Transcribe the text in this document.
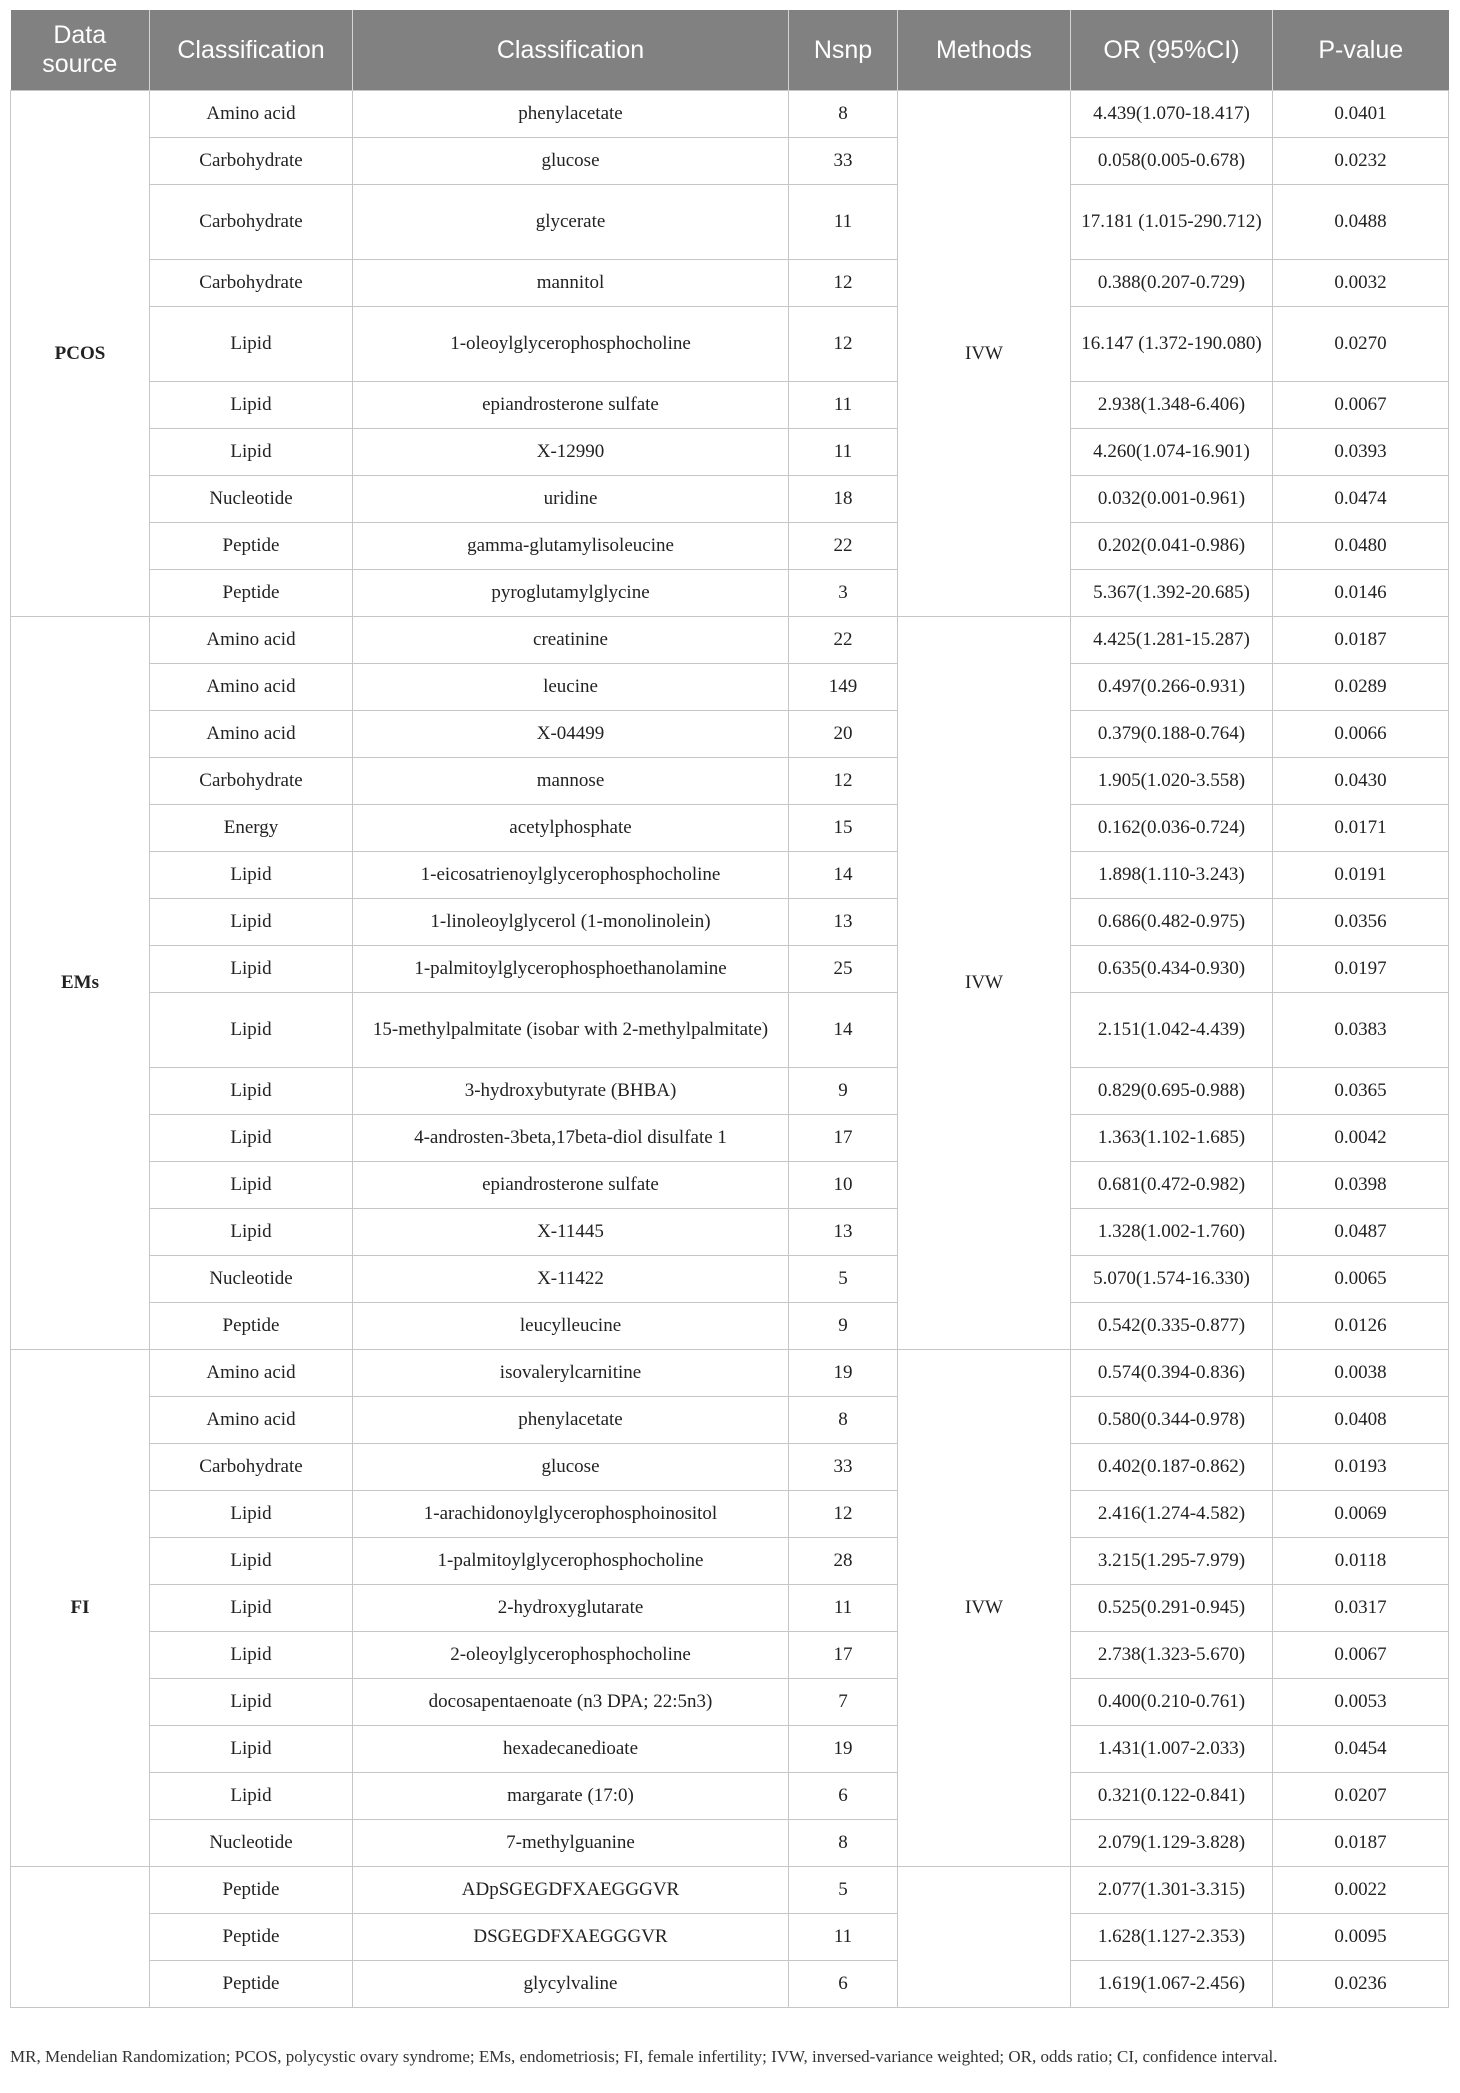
Data source	Classification	Classification	Nsnp	Methods	OR (95%CI)	P-value
PCOS	Amino acid	phenylacetate	8	IVW	4.439(1.070-18.417)	0.0401
	Carbohydrate	glucose	33		0.058(0.005-0.678)	0.0232
	Carbohydrate	glycerate	11		17.181 (1.015-290.712)	0.0488
	Carbohydrate	mannitol	12		0.388(0.207-0.729)	0.0032
	Lipid	1-oleoylglycerophosphocholine	12		16.147 (1.372-190.080)	0.0270
	Lipid	epiandrosterone sulfate	11		2.938(1.348-6.406)	0.0067
	Lipid	X-12990	11		4.260(1.074-16.901)	0.0393
	Nucleotide	uridine	18		0.032(0.001-0.961)	0.0474
	Peptide	gamma-glutamylisoleucine	22		0.202(0.041-0.986)	0.0480
	Peptide	pyroglutamylglycine	3		5.367(1.392-20.685)	0.0146
EMs	Amino acid	creatinine	22	IVW	4.425(1.281-15.287)	0.0187
	Amino acid	leucine	149		0.497(0.266-0.931)	0.0289
	Amino acid	X-04499	20		0.379(0.188-0.764)	0.0066
	Carbohydrate	mannose	12		1.905(1.020-3.558)	0.0430
	Energy	acetylphosphate	15		0.162(0.036-0.724)	0.0171
	Lipid	1-eicosatrienoylglycerophosphocholine	14		1.898(1.110-3.243)	0.0191
	Lipid	1-linoleoylglycerol (1-monolinolein)	13		0.686(0.482-0.975)	0.0356
	Lipid	1-palmitoylglycerophosphoethanolamine	25		0.635(0.434-0.930)	0.0197
	Lipid	15-methylpalmitate (isobar with 2-methylpalmitate)	14		2.151(1.042-4.439)	0.0383
	Lipid	3-hydroxybutyrate (BHBA)	9		0.829(0.695-0.988)	0.0365
	Lipid	4-androsten-3beta,17beta-diol disulfate 1	17		1.363(1.102-1.685)	0.0042
	Lipid	epiandrosterone sulfate	10		0.681(0.472-0.982)	0.0398
	Lipid	X-11445	13		1.328(1.002-1.760)	0.0487
	Nucleotide	X-11422	5		5.070(1.574-16.330)	0.0065
	Peptide	leucylleucine	9		0.542(0.335-0.877)	0.0126
FI	Amino acid	isovalerylcarnitine	19	IVW	0.574(0.394-0.836)	0.0038
	Amino acid	phenylacetate	8		0.580(0.344-0.978)	0.0408
	Carbohydrate	glucose	33		0.402(0.187-0.862)	0.0193
	Lipid	1-arachidonoylglycerophosphoinositol	12		2.416(1.274-4.582)	0.0069
	Lipid	1-palmitoylglycerophosphocholine	28		3.215(1.295-7.979)	0.0118
	Lipid	2-hydroxyglutarate	11		0.525(0.291-0.945)	0.0317
	Lipid	2-oleoylglycerophosphocholine	17		2.738(1.323-5.670)	0.0067
	Lipid	docosapentaenoate (n3 DPA; 22:5n3)	7		0.400(0.210-0.761)	0.0053
	Lipid	hexadecanedioate	19		1.431(1.007-2.033)	0.0454
	Lipid	margarate (17:0)	6		0.321(0.122-0.841)	0.0207
	Nucleotide	7-methylguanine	8		2.079(1.129-3.828)	0.0187
	Peptide	ADpSGEGDFXAEGGGVR	5		2.077(1.301-3.315)	0.0022
	Peptide	DSGEGDFXAEGGGVR	11		1.628(1.127-2.353)	0.0095
	Peptide	glycylvaline	6		1.619(1.067-2.456)	0.0236
MR, Mendelian Randomization; PCOS, polycystic ovary syndrome; EMs, endometriosis; FI, female infertility; IVW, inversed-variance weighted; OR, odds ratio; CI, confidence interval.
